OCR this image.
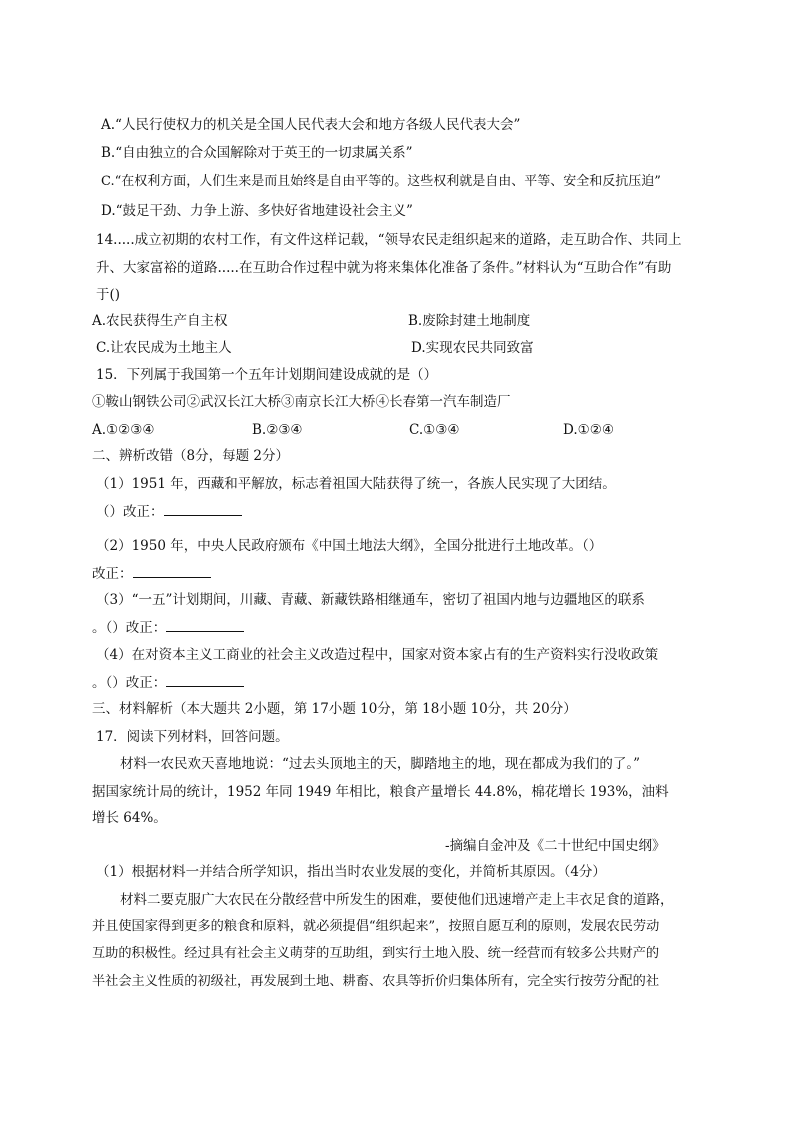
A.“人民行使权力的机关是全国人民代表大会和地方各级人民代表大会”
B.“自由独立的合众国解除对于英王的一切隶属关系”
C.“在权利方面，人们生来是而且始终是自由平等的。这些权利就是自由、平等、安全和反抗压迫”
D.“鼓足干劲、力争上游、多快好省地建设社会主义”
14.....成立初期的农村工作，有文件这样记载，“领导农民走组织起来的道路，走互助合作、共同上
升、大家富裕的道路.....在互助合作过程中就为将来集体化准备了条件。”材料认为“互助合作”有助
于()
A.农民获得生产自主权	B.废除封建土地制度
C.让农民成为土地主人	D.实现农民共同致富
15．下列属于我国第一个五年计划期间建设成就的是（）
①鞍山钢铁公司②武汉长江大桥③南京长江大桥④长春第一汽车制造厂
A.①②③④	B.②③④	C.①③④	D.①②④
二、辨析改错（8分，每题 2分）
（1）1951 年，西藏和平解放，标志着祖国大陆获得了统一，各族人民实现了大团结。
（）改正：
（2）1950 年，中央人民政府颁布《中国土地法大纲》，全国分批进行土地改革。（）
改正：
（3）“一五”计划期间，川藏、青藏、新藏铁路相继通车，密切了祖国内地与边疆地区的联系
。（）改正：
（4）在对资本主义工商业的社会主义改造过程中，国家对资本家占有的生产资料实行没收政策
。（）改正：
三、材料解析（本大题共 2小题，第 17小题 10分，第 18小题 10分，共 20分）
17．阅读下列材料，回答问题。
材料一农民欢天喜地地说：“过去头顶地主的天，脚踏地主的地，现在都成为我们的了。”
据国家统计局的统计，1952 年同 1949 年相比，粮食产量增长 44.8%，棉花增长 193%，油料
增长 64%。
-摘编自金冲及《二十世纪中国史纲》
（1）根据材料一并结合所学知识，指出当时农业发展的变化，并简析其原因。（4分）
材料二要克服广大农民在分散经营中所发生的困难，要使他们迅速增产走上丰衣足食的道路，
并且使国家得到更多的粮食和原料，就必须提倡“组织起来”，按照自愿互利的原则，发展农民劳动
互助的积极性。经过具有社会主义萌芽的互助组，到实行土地入股、统一经营而有较多公共财产的
半社会主义性质的初级社，再发展到土地、耕畜、农具等折价归集体所有，完全实行按劳分配的社
